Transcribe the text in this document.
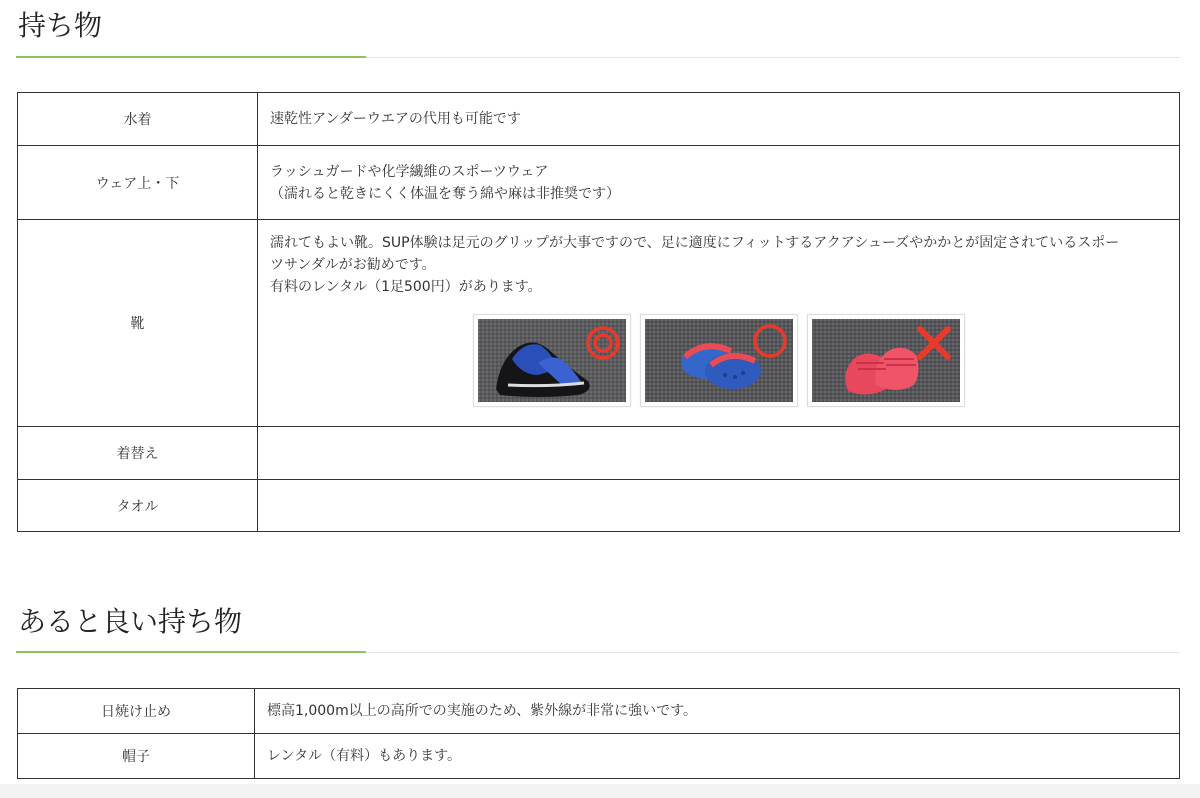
持ち物
水着	速乾性アンダーウエアの代用も可能です

ウェア上・下	ラッシュガードや化学繊維のスポーツウェア
（濡れると乾きにくく体温を奪う綿や麻は非推奨です）

靴	濡れてもよい靴。SUP体験は足元のグリップが大事ですので、足に適度にフィットするアクアシューズやかかとが固定されているスポー
ツサンダルがお勧めです。
有料のレンタル（1足500円）があります。

着替え	
タオル	
あると良い持ち物
日焼け止め	標高1,000m以上の高所での実施のため、紫外線が非常に強いです。

帽子	レンタル（有料）もあります。
